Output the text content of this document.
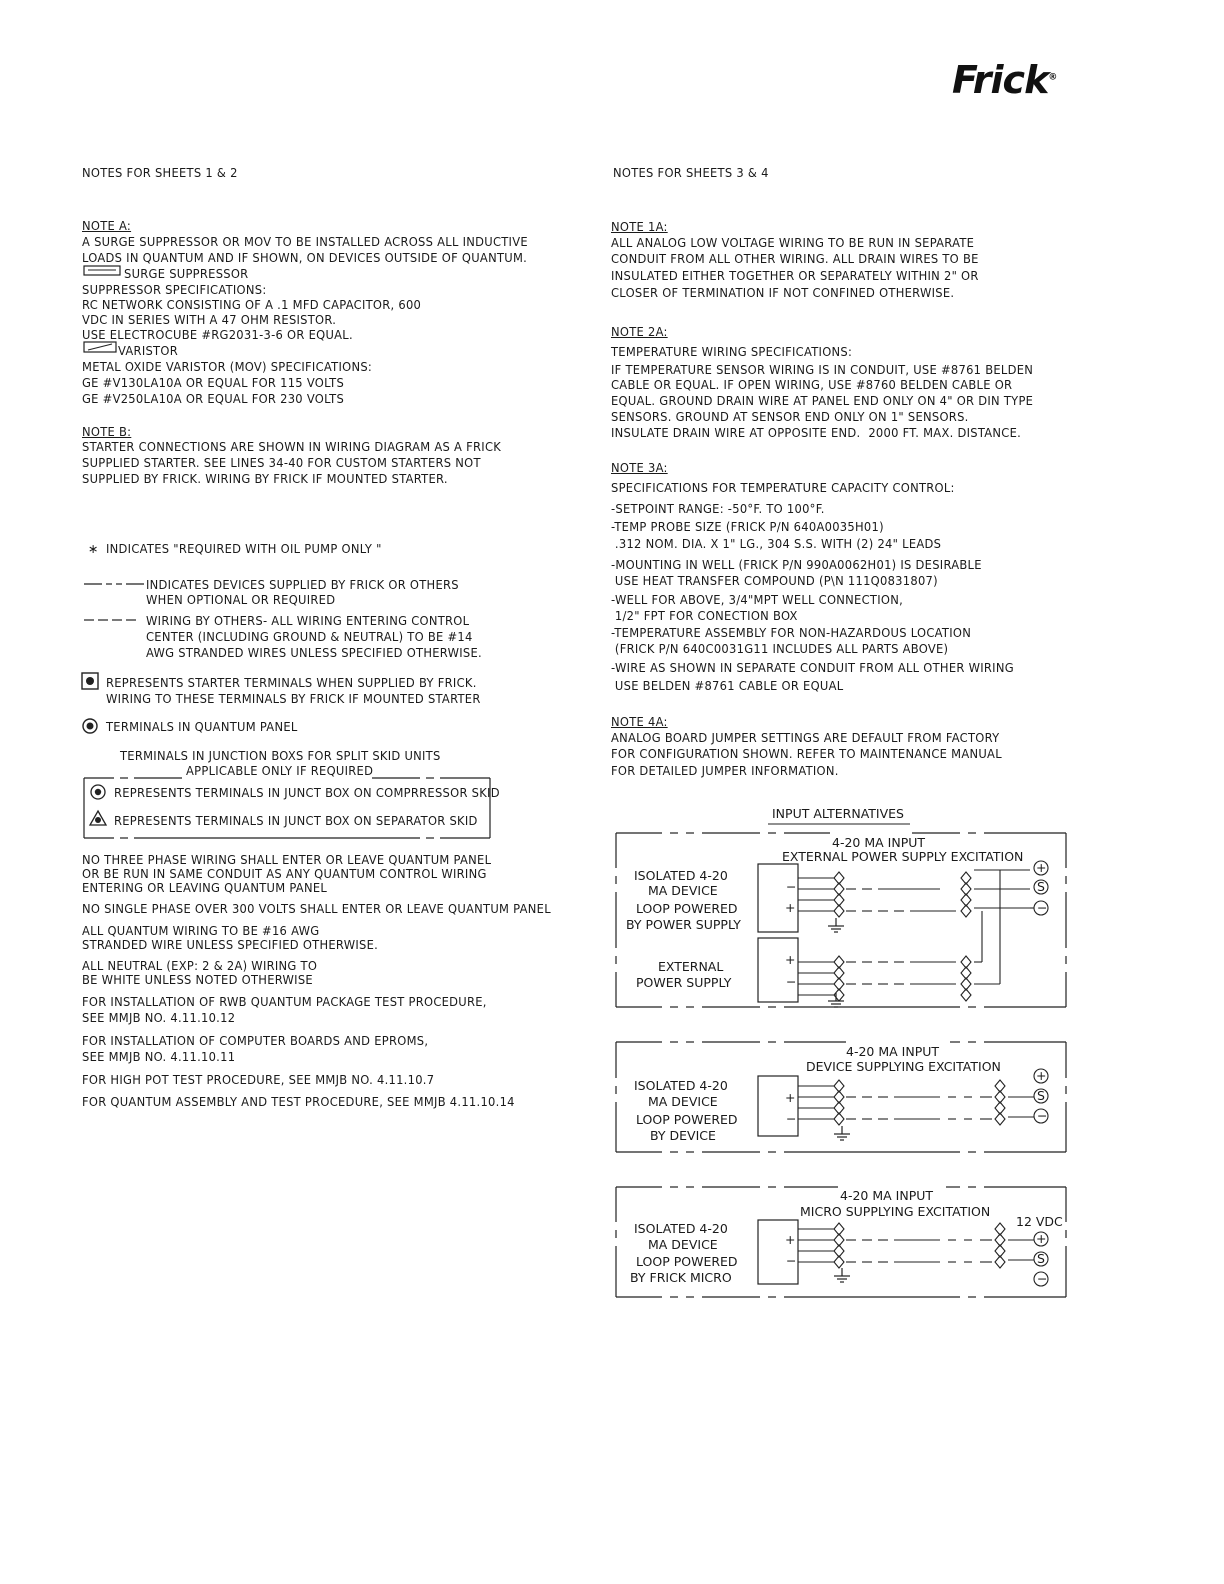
Frick®
NOTES FOR SHEETS 1 & 2
NOTE A:
A SURGE SUPPRESSOR OR MOV TO BE INSTALLED ACROSS ALL INDUCTIVE
LOADS IN QUANTUM AND IF SHOWN, ON DEVICES OUTSIDE OF QUANTUM.
SURGE SUPPRESSOR
SUPPRESSOR SPECIFICATIONS:
RC NETWORK CONSISTING OF A .1 MFD CAPACITOR, 600
VDC IN SERIES WITH A 47 OHM RESISTOR.
USE ELECTROCUBE #RG2031-3-6 OR EQUAL.
VARISTOR
METAL OXIDE VARISTOR (MOV) SPECIFICATIONS:
GE #V130LA10A OR EQUAL FOR 115 VOLTS
GE #V250LA10A OR EQUAL FOR 230 VOLTS
NOTE B:
STARTER CONNECTIONS ARE SHOWN IN WIRING DIAGRAM AS A FRICK
SUPPLIED STARTER. SEE LINES 34-40 FOR CUSTOM STARTERS NOT
SUPPLIED BY FRICK. WIRING BY FRICK IF MOUNTED STARTER.
INDICATES "REQUIRED WITH OIL PUMP ONLY "
INDICATES DEVICES SUPPLIED BY FRICK OR OTHERS
WHEN OPTIONAL OR REQUIRED
WIRING BY OTHERS- ALL WIRING ENTERING CONTROL
CENTER (INCLUDING GROUND & NEUTRAL) TO BE #14
AWG STRANDED WIRES UNLESS SPECIFIED OTHERWISE.
REPRESENTS STARTER TERMINALS WHEN SUPPLIED BY FRICK.
WIRING TO THESE TERMINALS BY FRICK IF MOUNTED STARTER
TERMINALS IN QUANTUM PANEL
TERMINALS IN JUNCTION BOXS FOR SPLIT SKID UNITS
APPLICABLE ONLY IF REQUIRED
REPRESENTS TERMINALS IN JUNCT BOX ON COMPRRESSOR SKID
REPRESENTS TERMINALS IN JUNCT BOX ON SEPARATOR SKID
NO THREE PHASE WIRING SHALL ENTER OR LEAVE QUANTUM PANEL
OR BE RUN IN SAME CONDUIT AS ANY QUANTUM CONTROL WIRING
ENTERING OR LEAVING QUANTUM PANEL
NO SINGLE PHASE OVER 300 VOLTS SHALL ENTER OR LEAVE QUANTUM PANEL
ALL QUANTUM WIRING TO BE #16 AWG
STRANDED WIRE UNLESS SPECIFIED OTHERWISE.
ALL NEUTRAL (EXP: 2 & 2A) WIRING TO
BE WHITE UNLESS NOTED OTHERWISE
FOR INSTALLATION OF RWB QUANTUM PACKAGE TEST PROCEDURE,
SEE MMJB NO. 4.11.10.12
FOR INSTALLATION OF COMPUTER BOARDS AND EPROMS,
SEE MMJB NO. 4.11.10.11
FOR HIGH POT TEST PROCEDURE, SEE MMJB NO. 4.11.10.7
FOR QUANTUM ASSEMBLY AND TEST PROCEDURE, SEE MMJB 4.11.10.14
NOTES FOR SHEETS 3 & 4
NOTE 1A:
ALL ANALOG LOW VOLTAGE WIRING TO BE RUN IN SEPARATE
CONDUIT FROM ALL OTHER WIRING. ALL DRAIN WIRES TO BE
INSULATED EITHER TOGETHER OR SEPARATELY WITHIN 2" OR
CLOSER OF TERMINATION IF NOT CONFINED OTHERWISE.
NOTE 2A:
TEMPERATURE WIRING SPECIFICATIONS:
IF TEMPERATURE SENSOR WIRING IS IN CONDUIT, USE #8761 BELDEN
CABLE OR EQUAL. IF OPEN WIRING, USE #8760 BELDEN CABLE OR
EQUAL. GROUND DRAIN WIRE AT PANEL END ONLY ON 4" OR DIN TYPE
SENSORS. GROUND AT SENSOR END ONLY ON 1" SENSORS.
INSULATE DRAIN WIRE AT OPPOSITE END.  2000 FT. MAX. DISTANCE.
NOTE 3A:
SPECIFICATIONS FOR TEMPERATURE CAPACITY CONTROL:
-SETPOINT RANGE: -50°F. TO 100°F.
-TEMP PROBE SIZE (FRICK P/N 640A0035H01)
.312 NOM. DIA. X 1" LG., 304 S.S. WITH (2) 24" LEADS
-MOUNTING IN WELL (FRICK P/N 990A0062H01) IS DESIRABLE
USE HEAT TRANSFER COMPOUND (P\N 111Q0831807)
-WELL FOR ABOVE, 3/4"MPT WELL CONNECTION,
1/2" FPT FOR CONECTION BOX
-TEMPERATURE ASSEMBLY FOR NON-HAZARDOUS LOCATION
(FRICK P/N 640C0031G11 INCLUDES ALL PARTS ABOVE)
-WIRE AS SHOWN IN SEPARATE CONDUIT FROM ALL OTHER WIRING
USE BELDEN #8761 CABLE OR EQUAL
NOTE 4A:
ANALOG BOARD JUMPER SETTINGS ARE DEFAULT FROM FACTORY
FOR CONFIGURATION SHOWN. REFER TO MAINTENANCE MANUAL
FOR DETAILED JUMPER INFORMATION.
∗
INPUT ALTERNATIVES
4-20 MA INPUT
EXTERNAL POWER SUPPLY EXCITATION
ISOLATED 4-20
MA DEVICE
LOOP POWERED
BY POWER SUPPLY
EXTERNAL
POWER SUPPLY
−
+
+
−
+
S
−
4-20 MA INPUT
DEVICE SUPPLYING EXCITATION
ISOLATED 4-20
MA DEVICE
LOOP POWERED
BY DEVICE
+
−
+
S
−
4-20 MA INPUT
MICRO SUPPLYING EXCITATION
12 VDC
ISOLATED 4-20
MA DEVICE
LOOP POWERED
BY FRICK MICRO
+
−
+
S
−
